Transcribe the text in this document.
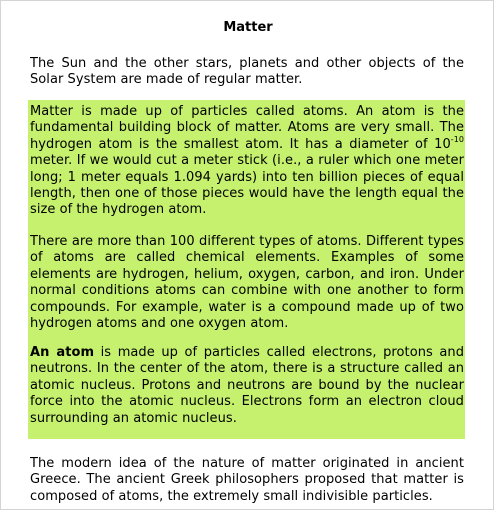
Matter

The Sun and the other stars, planets and other objects of the Solar System are made of regular matter.

Matter is made up of particles called atoms. An atom is the fundamental building block of matter. Atoms are very small. The hydrogen atom is the smallest atom. It has a diameter of $10^{-10}$ meter. If we would cut a meter stick (i.e., a ruler which one meter long; 1 meter equals 1.094 yards) into ten billion pieces of equal length, then one of those pieces would have the length equal the size of the hydrogen atom.

There are more than 100 different types of atoms. Different types of atoms are called chemical elements. Examples of some elements are hydrogen, helium, oxygen, carbon, and iron. Under normal conditions atoms can combine with one another to form compounds. For example, water is a compound made up of two hydrogen atoms and one oxygen atom.

An atom is made up of particles called electrons, protons and neutrons. In the center of the atom, there is a structure called an atomic nucleus. Protons and neutrons are bound by the nuclear force into the atomic nucleus. Electrons form an electron cloud surrounding an atomic nucleus.

The modern idea of the nature of matter originated in ancient Greece. The ancient Greek philosophers proposed that matter is composed of atoms, the extremely small indivisible particles.
